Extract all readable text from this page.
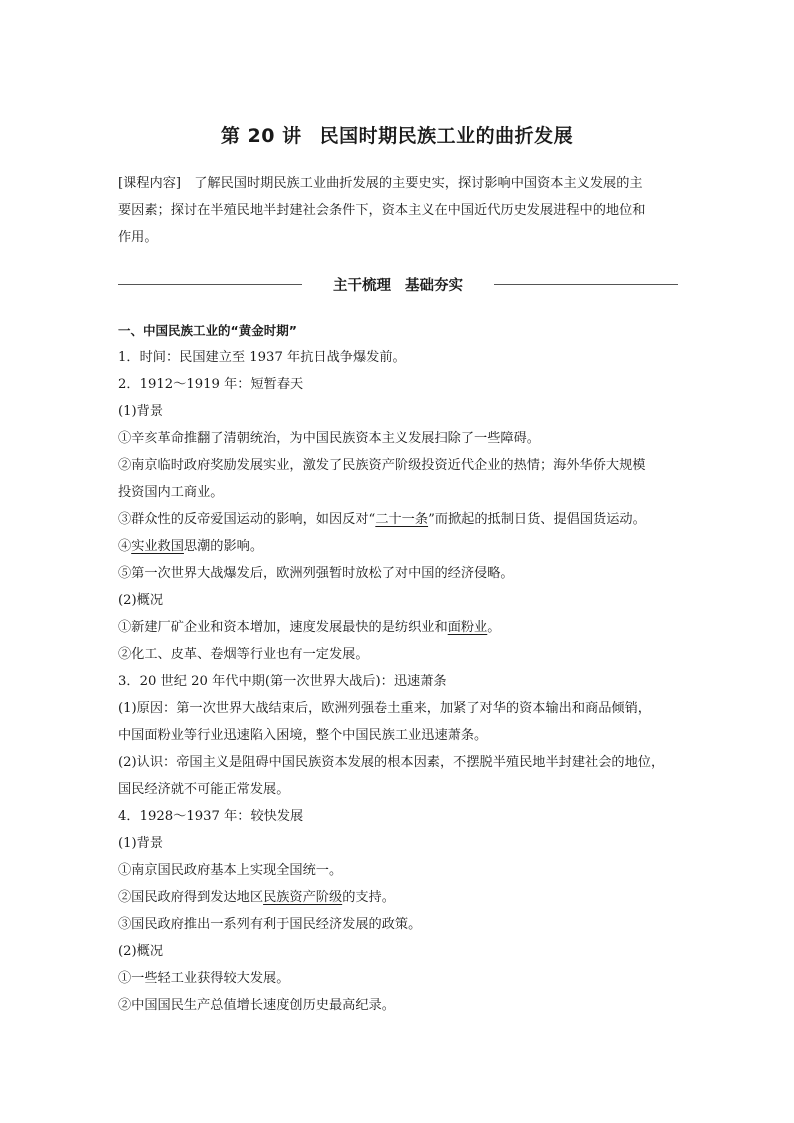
第 20 讲 民国时期民族工业的曲折发展
[课程内容]　了解民国时期民族工业曲折发展的主要史实，探讨影响中国资本主义发展的主
要因素；探讨在半殖民地半封建社会条件下，资本主义在中国近代历史发展进程中的地位和
作用。
主干梳理 基础夯实
一、中国民族工业的“黄金时期”
1．时间：民国建立至 1937 年抗日战争爆发前。
2．1912～1919 年：短暂春天
(1)背景
①辛亥革命推翻了清朝统治，为中国民族资本主义发展扫除了一些障碍。
②南京临时政府奖励发展实业，激发了民族资产阶级投资近代企业的热情；海外华侨大规模
投资国内工商业。
③群众性的反帝爱国运动的影响，如因反对“二十一条”而掀起的抵制日货、提倡国货运动。
④实业救国思潮的影响。
⑤第一次世界大战爆发后，欧洲列强暂时放松了对中国的经济侵略。
(2)概况
①新建厂矿企业和资本增加，速度发展最快的是纺织业和面粉业。
②化工、皮革、卷烟等行业也有一定发展。
3．20 世纪 20 年代中期(第一次世界大战后)：迅速萧条
(1)原因：第一次世界大战结束后，欧洲列强卷土重来，加紧了对华的资本输出和商品倾销，
中国面粉业等行业迅速陷入困境，整个中国民族工业迅速萧条。
(2)认识：帝国主义是阻碍中国民族资本发展的根本因素，不摆脱半殖民地半封建社会的地位，
国民经济就不可能正常发展。
4．1928～1937 年：较快发展
(1)背景
①南京国民政府基本上实现全国统一。
②国民政府得到发达地区民族资产阶级的支持。
③国民政府推出一系列有利于国民经济发展的政策。
(2)概况
①一些轻工业获得较大发展。
②中国国民生产总值增长速度创历史最高纪录。
